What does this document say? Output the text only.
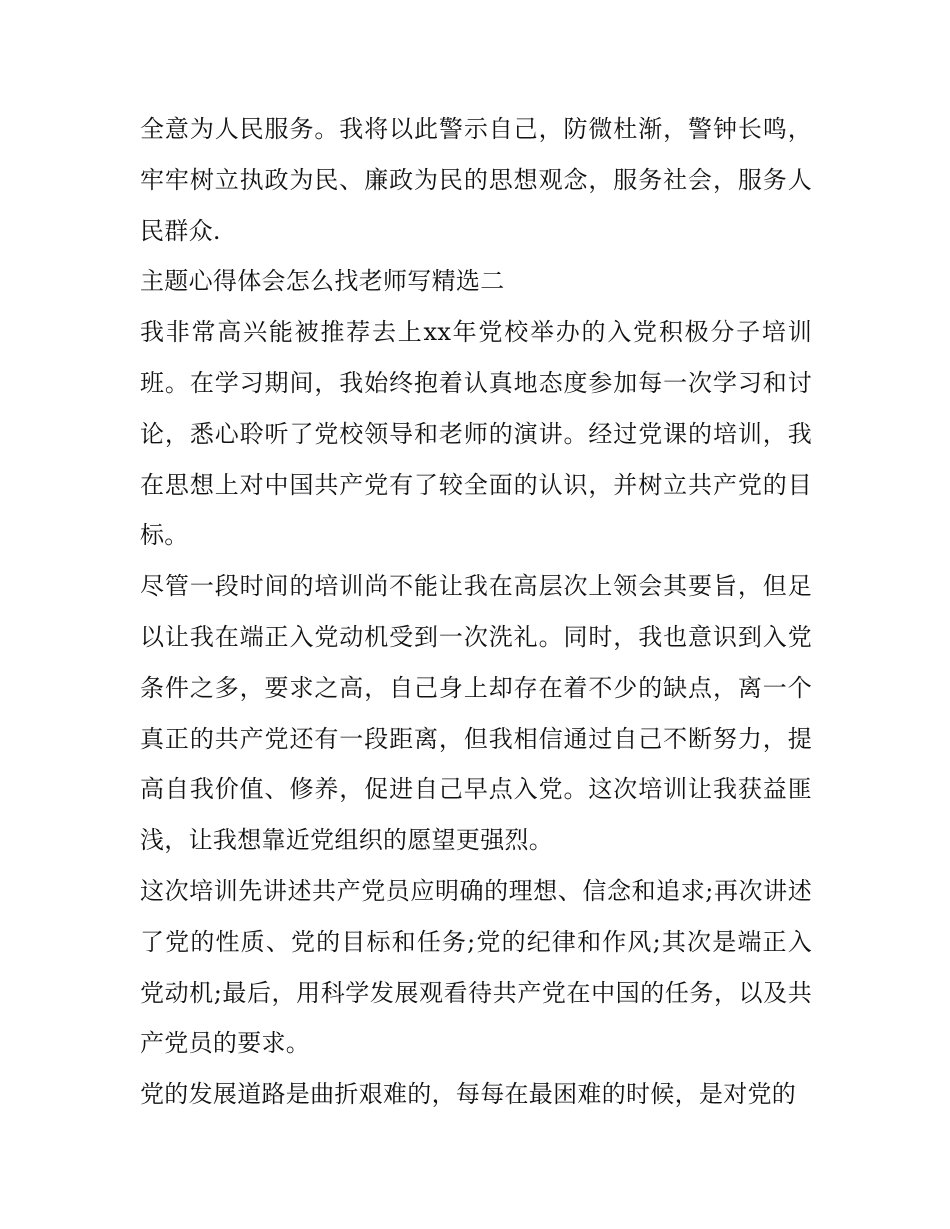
全意为人民服务。我将以此警示自己，防微杜渐，警钟长鸣，牢牢树立执政为民、廉政为民的思想观念，服务社会，服务人民群众.

主题心得体会怎么找老师写精选二

我非常高兴能被推荐去上xx年党校举办的入党积极分子培训班。在学习期间，我始终抱着认真地态度参加每一次学习和讨论，悉心聆听了党校领导和老师的演讲。经过党课的培训，我在思想上对中国共产党有了较全面的认识，并树立共产党的目标。

尽管一段时间的培训尚不能让我在高层次上领会其要旨，但足以让我在端正入党动机受到一次洗礼。同时，我也意识到入党条件之多，要求之高，自己身上却存在着不少的缺点，离一个真正的共产党还有一段距离，但我相信通过自己不断努力，提高自我价值、修养，促进自己早点入党。这次培训让我获益匪浅，让我想靠近党组织的愿望更强烈。

这次培训先讲述共产党员应明确的理想、信念和追求;再次讲述了党的性质、党的目标和任务;党的纪律和作风;其次是端正入党动机;最后，用科学发展观看待共产党在中国的任务，以及共产党员的要求。

党的发展道路是曲折艰难的，每每在最困难的时候，是对党的
